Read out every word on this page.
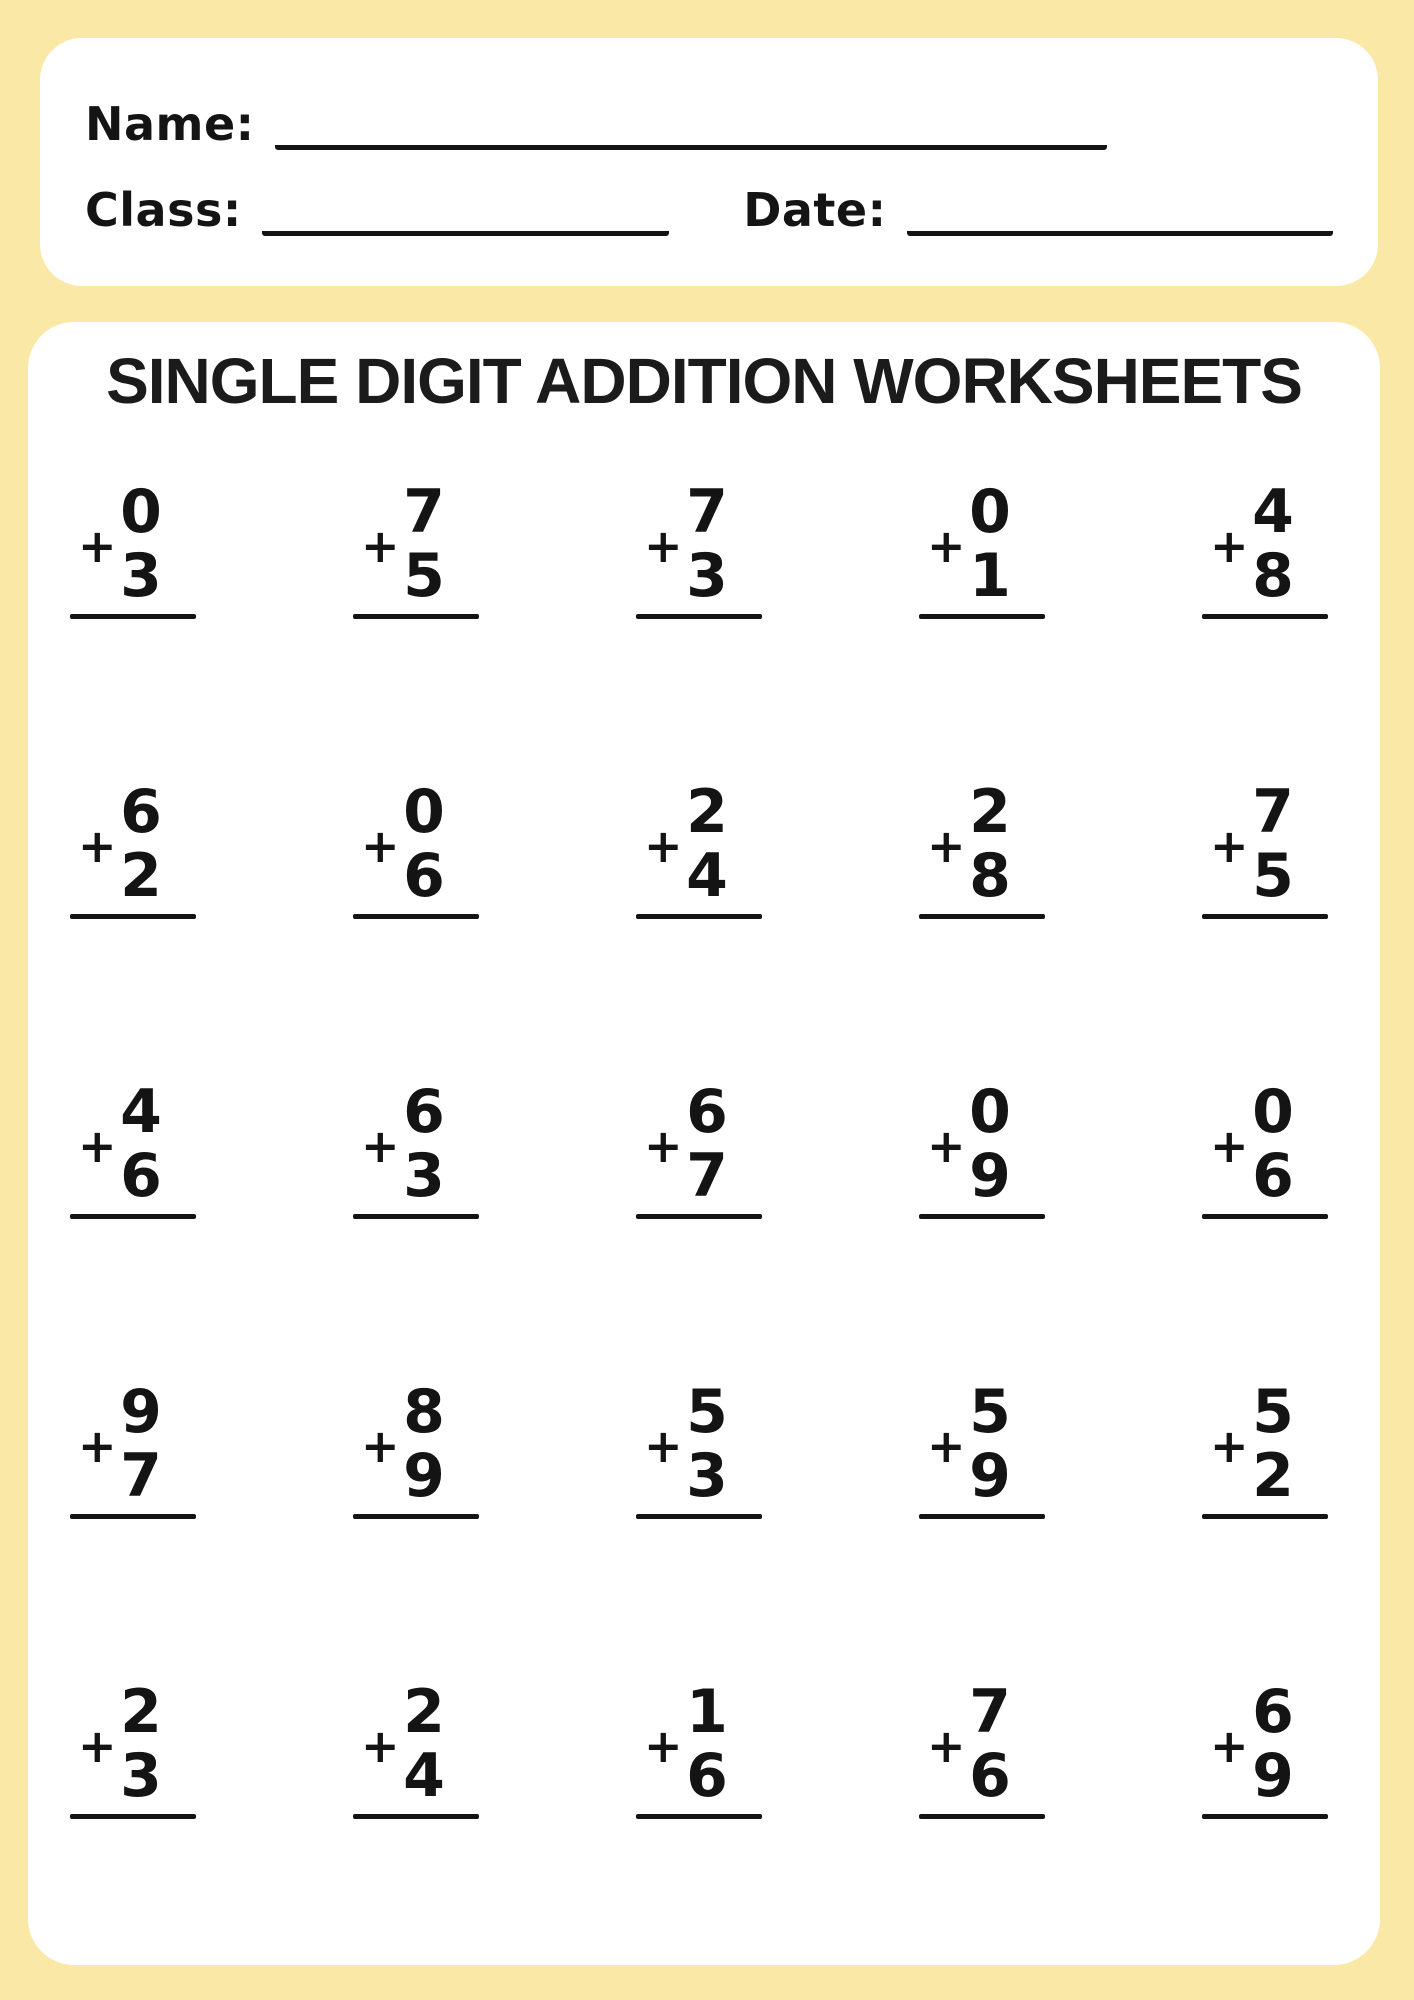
Name:
Class:	Date:
SINGLE DIGIT ADDITION WORKSHEETS
0
+ 3
7
+ 5
7
+ 3
0
+ 1
4
+ 8
6
+ 2
0
+ 6
2
+ 4
2
+ 8
7
+ 5
4
+ 6
6
+ 3
6
+ 7
0
+ 9
0
+ 6
9
+ 7
8
+ 9
5
+ 3
5
+ 9
5
+ 2
2
+ 3
2
+ 4
1
+ 6
7
+ 6
6
+ 9
